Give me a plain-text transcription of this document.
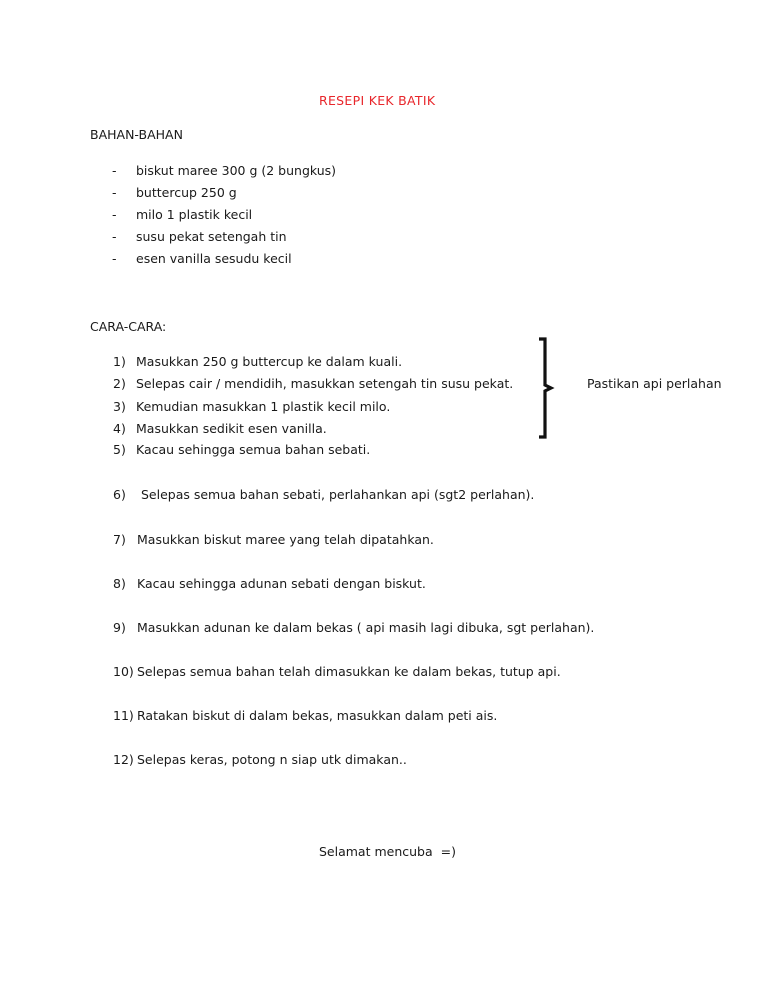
RESEPI KEK BATIK
BAHAN-BAHAN
- biskut maree 300 g (2 bungkus)
- buttercup 250 g
- milo 1 plastik kecil
- susu pekat setengah tin
- esen vanilla sesudu kecil
CARA-CARA:
1) Masukkan 250 g buttercup ke dalam kuali.
2) Selepas cair / mendidih, masukkan setengah tin susu pekat.
3) Kemudian masukkan 1 plastik kecil milo.
4) Masukkan sedikit esen vanilla.
5) Kacau sehingga semua bahan sebati.
Pastikan api perlahan
6) Selepas semua bahan sebati, perlahankan api (sgt2 perlahan).
7) Masukkan biskut maree yang telah dipatahkan.
8) Kacau sehingga adunan sebati dengan biskut.
9) Masukkan adunan ke dalam bekas ( api masih lagi dibuka, sgt perlahan).
10) Selepas semua bahan telah dimasukkan ke dalam bekas, tutup api.
11) Ratakan biskut di dalam bekas, masukkan dalam peti ais.
12) Selepas keras, potong n siap utk dimakan..
Selamat mencuba  =)
